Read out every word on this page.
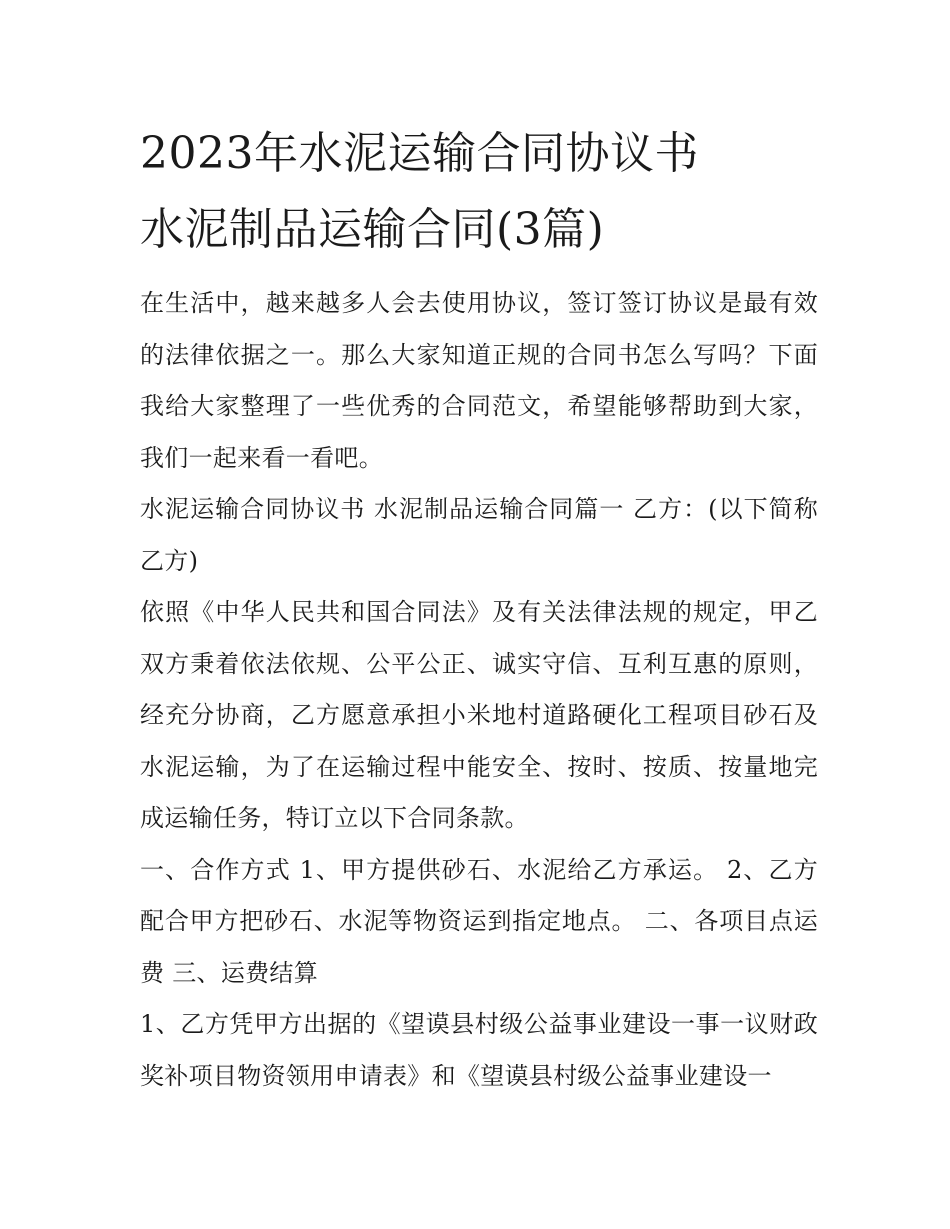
2023年水泥运输合同协议书
水泥制品运输合同(3篇)

在生活中，越来越多人会去使用协议，签订签订协议是最有效的法律依据之一。那么大家知道正规的合同书怎么写吗？下面我给大家整理了一些优秀的合同范文，希望能够帮助到大家，我们一起来看一看吧。

水泥运输合同协议书 水泥制品运输合同篇一 乙方：(以下简称乙方)

依照《中华人民共和国合同法》及有关法律法规的规定，甲乙双方秉着依法依规、公平公正、诚实守信、互利互惠的原则，经充分协商，乙方愿意承担小米地村道路硬化工程项目砂石及水泥运输，为了在运输过程中能安全、按时、按质、按量地完成运输任务，特订立以下合同条款。

一、合作方式 1、甲方提供砂石、水泥给乙方承运。 2、乙方配合甲方把砂石、水泥等物资运到指定地点。 二、各项目点运费 三、运费结算

1、乙方凭甲方出据的《望谟县村级公益事业建设一事一议财政奖补项目物资领用申请表》和《望谟县村级公益事业建设一
